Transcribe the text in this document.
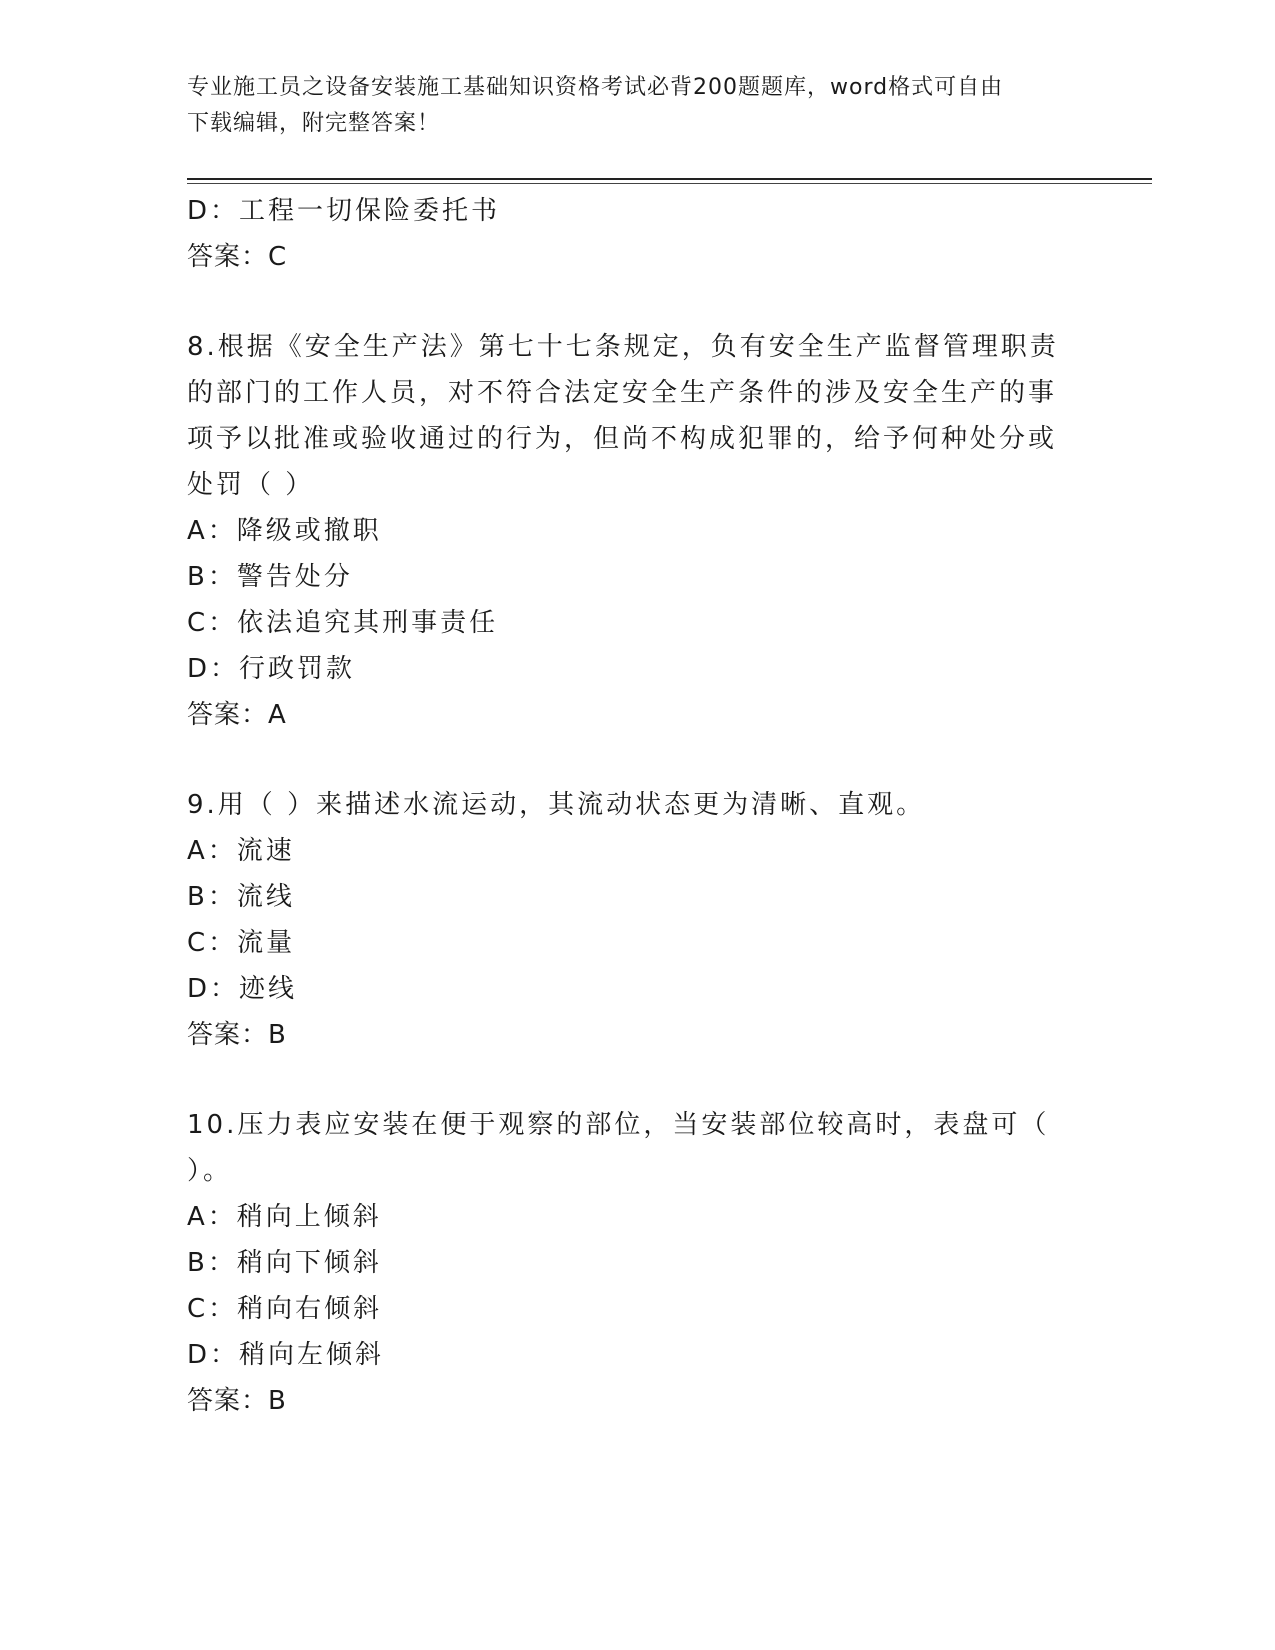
专业施工员之设备安装施工基础知识资格考试必背200题题库，word格式可自由
下载编辑，附完整答案！
D：工程一切保险委托书
答案：C
8.根据《安全生产法》第七十七条规定，负有安全生产监督管理职责
的部门的工作人员，对不符合法定安全生产条件的涉及安全生产的事
项予以批准或验收通过的行为，但尚不构成犯罪的，给予何种处分或
处罚（ ）
A：降级或撤职
B：警告处分
C：依法追究其刑事责任
D：行政罚款
答案：A
9.用（ ）来描述水流运动，其流动状态更为清晰、直观。
A：流速
B：流线
C：流量
D：迹线
答案：B
10.压力表应安装在便于观察的部位，当安装部位较高时，表盘可（
）。
A：稍向上倾斜
B：稍向下倾斜
C：稍向右倾斜
D：稍向左倾斜
答案：B
